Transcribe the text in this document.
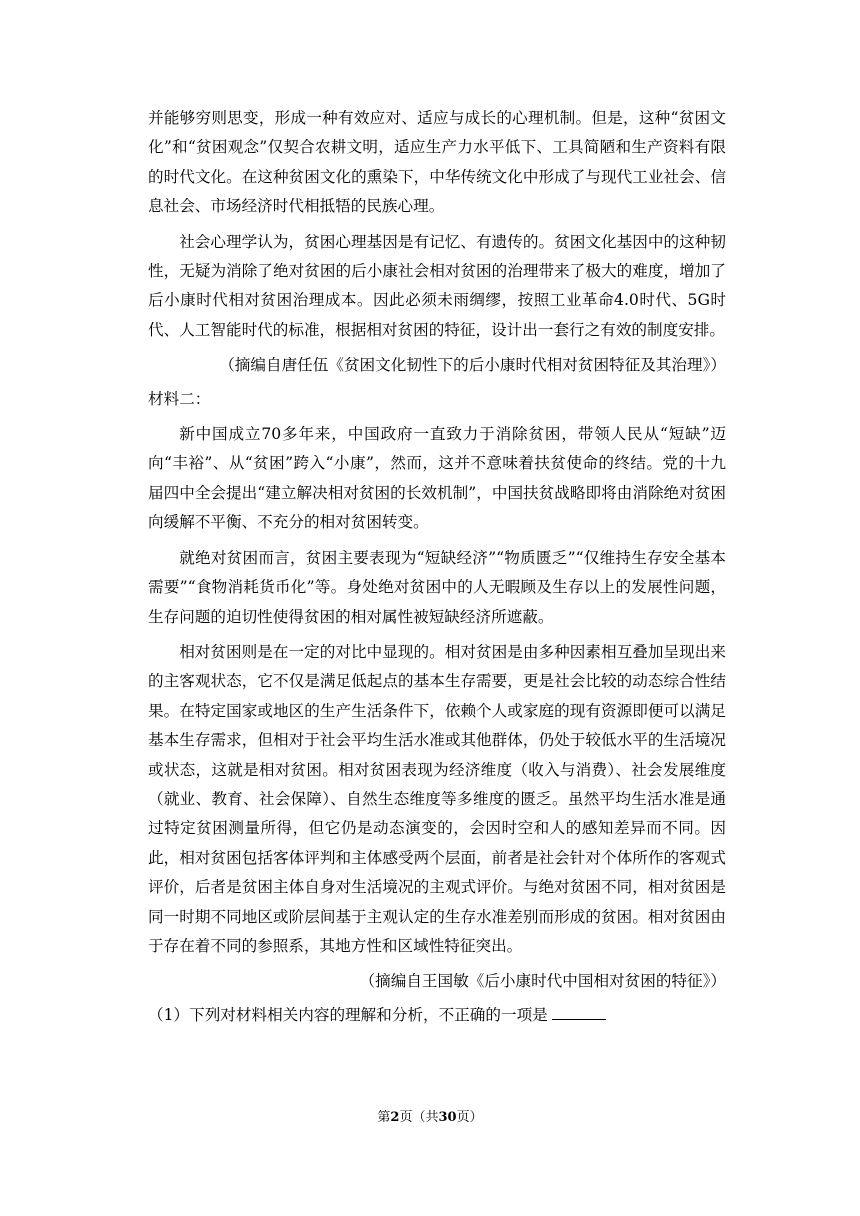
并能够穷则思变，形成一种有效应对、适应与成长的心理机制。但是，这种“贫困文化”和“贫困观念”仅契合农耕文明，适应生产力水平低下、工具简陋和生产资料有限的时代文化。在这种贫困文化的熏染下，中华传统文化中形成了与现代工业社会、信息社会、市场经济时代相抵牾的民族心理。

社会心理学认为，贫困心理基因是有记忆、有遗传的。贫困文化基因中的这种韧性，无疑为消除了绝对贫困的后小康社会相对贫困的治理带来了极大的难度，增加了后小康时代相对贫困治理成本。因此必须未雨绸缪，按照工业革命4.0时代、5G时代、人工智能时代的标准，根据相对贫困的特征，设计出一套行之有效的制度安排。

（摘编自唐任伍《贫困文化韧性下的后小康时代相对贫困特征及其治理》）

材料二：

新中国成立70多年来，中国政府一直致力于消除贫困，带领人民从“短缺”迈向“丰裕”、从“贫困”跨入“小康”，然而，这并不意味着扶贫使命的终结。党的十九届四中全会提出“建立解决相对贫困的长效机制”，中国扶贫战略即将由消除绝对贫困向缓解不平衡、不充分的相对贫困转变。

就绝对贫困而言，贫困主要表现为“短缺经济”“物质匮乏”“仅维持生存安全基本需要”“食物消耗货币化”等。身处绝对贫困中的人无暇顾及生存以上的发展性问题，生存问题的迫切性使得贫困的相对属性被短缺经济所遮蔽。

相对贫困则是在一定的对比中显现的。相对贫困是由多种因素相互叠加呈现出来的主客观状态，它不仅是满足低起点的基本生存需要，更是社会比较的动态综合性结果。在特定国家或地区的生产生活条件下，依赖个人或家庭的现有资源即便可以满足基本生存需求，但相对于社会平均生活水准或其他群体，仍处于较低水平的生活境况或状态，这就是相对贫困。相对贫困表现为经济维度（收入与消费）、社会发展维度（就业、教育、社会保障）、自然生态维度等多维度的匮乏。虽然平均生活水准是通过特定贫困测量所得，但它仍是动态演变的，会因时空和人的感知差异而不同。因此，相对贫困包括客体评判和主体感受两个层面，前者是社会针对个体所作的客观式评价，后者是贫困主体自身对生活境况的主观式评价。与绝对贫困不同，相对贫困是同一时期不同地区或阶层间基于主观认定的生存水准差别而形成的贫困。相对贫困由于存在着不同的参照系，其地方性和区域性特征突出。

（摘编自王国敏《后小康时代中国相对贫困的特征》）

（1）下列对材料相关内容的理解和分析，不正确的一项是

第2页（共30页）
